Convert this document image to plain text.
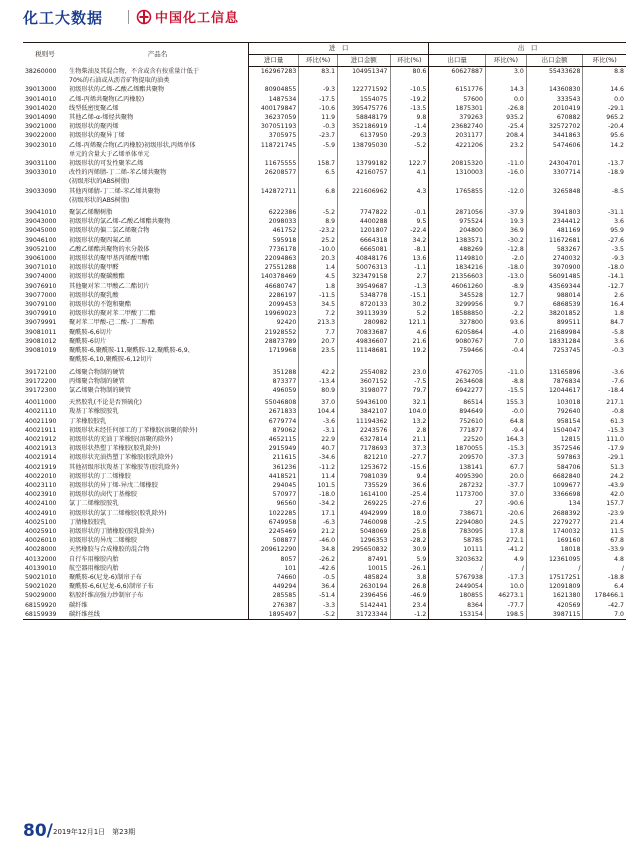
化工大数据	中国化工信息
税则号	产品名	进　口				出　口			
		进口量	环比(%)	进口金额	环比(%)	出口量	环比(%)	出口金额	环比(%)
38260000	生物柴油及其混合物，不含或含有按重量计低于	162967283	83.1	104951347	80.6	60627887	3.0	55433628	8.8
	70%的石油或从沥青矿物提取的油类								
39013000	初级形状的乙烯-乙酸乙烯酯共聚物	80904855	-9.3	122771592	-10.5	6151776	14.3	14360830	14.6
39014010	乙烯-丙烯共聚物(乙丙橡胶)	1487534	-17.5	1554075	-19.2	57600	0.0	333543	0.0
39014020	线型低密度聚乙烯	400179847	-10.6	395475776	-13.5	1875301	-26.8	2010419	-29.1
39014090	其他乙烯-α-烯烃共聚物	36237059	11.9	58848179	9.8	379263	935.2	670882	965.2
39021000	初级形状的聚丙烯	307051193	-0.3	352186919	-1.4	23682740	-25.4	32572702	-20.4
39022000	初级形状的聚异丁烯	3705975	-23.7	6137950	-29.3	2031177	208.4	3441863	95.6
39023010	乙烯-丙烯聚合物(乙丙橡胶)初级形状,丙烯单体	118721745	-5.9	138795030	-5.2	4221206	23.2	5474606	14.2
	单元的含量大于乙烯单体单元								
39031100	初级形状的可发性聚苯乙烯	11675555	158.7	13799182	122.7	20815320	-11.0	24304701	-13.7
39033010	改性的丙烯腈-丁二烯-苯乙烯共聚物	26208577	6.5	42160757	4.1	1310003	-16.0	3307714	-18.9
	(初级形状的ABS树脂)								
39033090	其他丙烯腈-丁二烯-苯乙烯共聚物	142872711	6.8	221606962	4.3	1765855	-12.0	3265848	-8.5
	(初级形状的ABS树脂)								

39041010	聚氯乙烯糊树脂	6222386	-5.2	7747822	-0.1	2871056	-37.9	3941803	-31.1
39043000	初级形状的氯乙烯-乙酸乙烯酯共聚物	2098033	8.9	4400288	9.5	975524	19.3	2344412	3.6
39045000	初级形状的偏二氯乙烯聚合物	461752	-23.2	1201807	-22.4	204800	36.9	481169	95.9
39046100	初级形状的聚四氟乙烯	595918	25.2	6664318	34.2	1383571	-30.2	11672681	-27.6
39052100	乙酸乙烯酯共聚物的水分散体	7736178	-10.0	6665081	-8.1	488269	-12.8	583267	-3.5
39061000	初级形状的聚甲基丙烯酸甲酯	22094863	20.3	40848176	13.6	1149810	-2.0	2740032	-9.3
39071010	初级形状的聚甲醛	27551288	1.4	50076313	-1.1	1834216	-18.0	3970900	-18.0
39074000	初级形状的聚碳酸酯	140378469	4.5	323479158	2.7	21356603	-13.0	56091485	-14.1
39076910	其他聚对苯二甲酸乙二酯切片	46680747	1.8	39549687	-1.3	46061260	-8.9	43569344	-12.7
39077000	初级形状的聚乳酸	2286197	-11.5	5348778	-15.1	345528	12.7	988014	2.6
39079100	初级形状的不饱和聚酯	2099453	34.5	8720133	30.2	3299956	9.7	6868539	16.4
39079910	初级形状的聚对苯二甲酸丁二酯	19969023	7.2	39113939	5.2	18588850	-2.2	38201852	1.8
39079991	聚对苯二甲酸-己二酸-丁二醇酯	92420	213.3	280982	121.1	327800	93.6	899511	84.7
39081011	聚酰胺-6,6切片	21928552	7.7	70833687	4.6	6205864	-4.0	21689984	-5.8
39081012	聚酰胺-6切片	28873789	20.7	49836607	21.6	9080767	7.0	18331284	3.6
39081019	聚酰胺-6,聚酰胺-11,聚酰胺-12,聚酰胺-6,9、	1719968	23.5	11148681	19.2	759466	-0.4	7253745	-0.3
	聚酰胺-6,10,聚酰胺-6,12切片								

39172100	乙烯聚合物制的硬管	351288	42.2	2554082	23.0	4762705	-11.0	13165896	-3.6
39172200	丙烯聚合物制的硬管	873377	-13.4	3607152	-7.5	2634608	-8.8	7876834	-7.6
39172300	氯乙烯聚合物制的硬管	496059	80.9	3198077	79.7	6942277	-15.5	12044617	-18.4

40011000	天然胶乳(不论是否预硫化)	55046808	37.0	59436100	32.1	86514	155.3	103018	217.1
40021110	羧基丁苯橡胶胶乳	2671833	104.4	3842107	104.0	894649	-0.0	792640	-0.8
40021190	丁苯橡胶胶乳	6779774	-3.6	11194362	13.2	752610	64.8	958154	61.3
40021911	初级形状未经任何加工的丁苯橡胶(溶聚的除外)	879062	-3.1	2243576	2.8	771877	-9.4	1504047	-15.3
40021912	初级形状的充油丁苯橡胶(溶聚的除外)	4652115	22.9	6327814	21.1	22520	164.3	12815	111.0
40021913	初级形状热塑丁苯橡胶(胶乳除外)	2915949	40.7	7178693	37.3	1870055	-15.3	3572546	-17.9
40021914	初级形状充油热塑丁苯橡胶(胶乳除外)	211615	-34.6	821210	-27.7	209570	-37.3	597863	-29.1
40021919	其他初级形状羧基丁苯橡胶等(胶乳除外)	361236	-11.2	1253672	-15.6	138141	67.7	584706	51.3
40022010	初级形状的丁二烯橡胶	4418521	11.4	7981039	9.4	4095390	20.0	6682840	24.2
40023110	初级形状的异丁烯-异戊二烯橡胶	294045	101.5	735529	36.6	287232	-37.7	1099677	-43.9
40023910	初级形状的卤代丁基橡胶	570977	-18.0	1614100	-25.4	1173700	37.0	3366698	42.0
40024100	氯丁二烯橡胶胶乳	96560	-34.2	269225	-27.6	27	-90.6	134	157.7
40024910	初级形状的氯丁二烯橡胶(胶乳除外)	1022285	17.1	4942999	18.0	738671	-20.6	2688392	-23.9
40025100	丁腈橡胶胶乳	6749958	-6.3	7460098	-2.5	2294080	24.5	2279277	21.4
40025910	初级形状的丁腈橡胶(胶乳除外)	2245469	21.2	5048069	25.8	783095	17.8	1740032	11.5
40026010	初级形状的异戊二烯橡胶	508877	-46.0	1296353	-28.2	58785	272.1	169160	67.8
40028000	天然橡胶与合成橡胶的混合物	209612290	34.8	295650832	30.9	10111	-41.2	18018	-33.9
40132000	自行车用橡胶内胎	8057	-26.2	87491	5.9	3203632	4.9	12361095	4.8
40139010	航空器用橡胶内胎	101	-42.6	10015	-26.1	/	/	/	/
59021010	聚酰胺-6(尼龙-6)制帘子布	74660	-0.5	485824	3.8	5767938	-17.3	17517251	-18.8
59021020	聚酰胺-6,6(尼龙-6,6)制帘子布	449294	36.4	2630194	26.8	2449054	10.0	12091809	6.4
59029000	粘胶纤维高强力纱制帘子布	285585	-51.4	2396456	-46.9	180855	46273.1	1621380	178466.1
68159920	碳纤维	276387	-3.3	5142441	23.4	8364	-77.7	420569	-42.7
68159939	碳纤维丝线	1895497	-5.2	31723344	-1.2	153154	198.5	3987115	7.0
80/ 2019年12月1日　第23期
